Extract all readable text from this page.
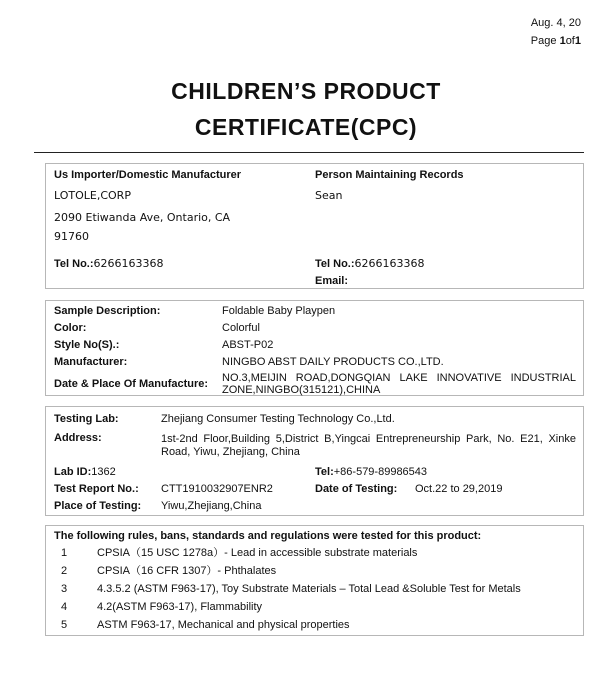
Aug. 4, 20
Page 1of1
CHILDREN’S PRODUCT
CERTIFICATE(CPC)
Us Importer/Domestic Manufacturer
LOTOLE,CORP
2090 Etiwanda Ave, Ontario, CA
91760
Tel No.:6266163368
Person Maintaining Records
Sean
Tel No.:6266163368
Email:
Sample Description:	Foldable Baby Playpen
Color:	Colorful
Style No(S).:	ABST-P02
Manufacturer:	NINGBO ABST DAILY PRODUCTS CO.,LTD.
Date & Place Of Manufacture: NO.3,MEIJIN ROAD,DONGQIAN LAKE INNOVATIVE INDUSTRIAL
ZONE,NINGBO(315121),CHINA
Testing Lab:	Zhejiang Consumer Testing Technology Co.,Ltd.
Address:	1st-2nd Floor,Building 5,District B,Yingcai Entrepreneurship Park, No. E21, Xinke
Road, Yiwu, Zhejiang, China
Lab ID:1362	Tel:+86-579-89986543
Test Report No.: CTT1910032907ENR2	Date of Testing: Oct.22 to 29,2019
Place of Testing: Yiwu,Zhejiang,China
The following rules, bans, standards and regulations were tested for this product:
1	CPSIA（15 USC 1278a）- Lead in accessible substrate materials
2	CPSIA（16 CFR 1307）- Phthalates
3	4.3.5.2 (ASTM F963-17), Toy Substrate Materials – Total Lead &Soluble Test for Metals
4	4.2(ASTM F963-17), Flammability
5	ASTM F963-17, Mechanical and physical properties
